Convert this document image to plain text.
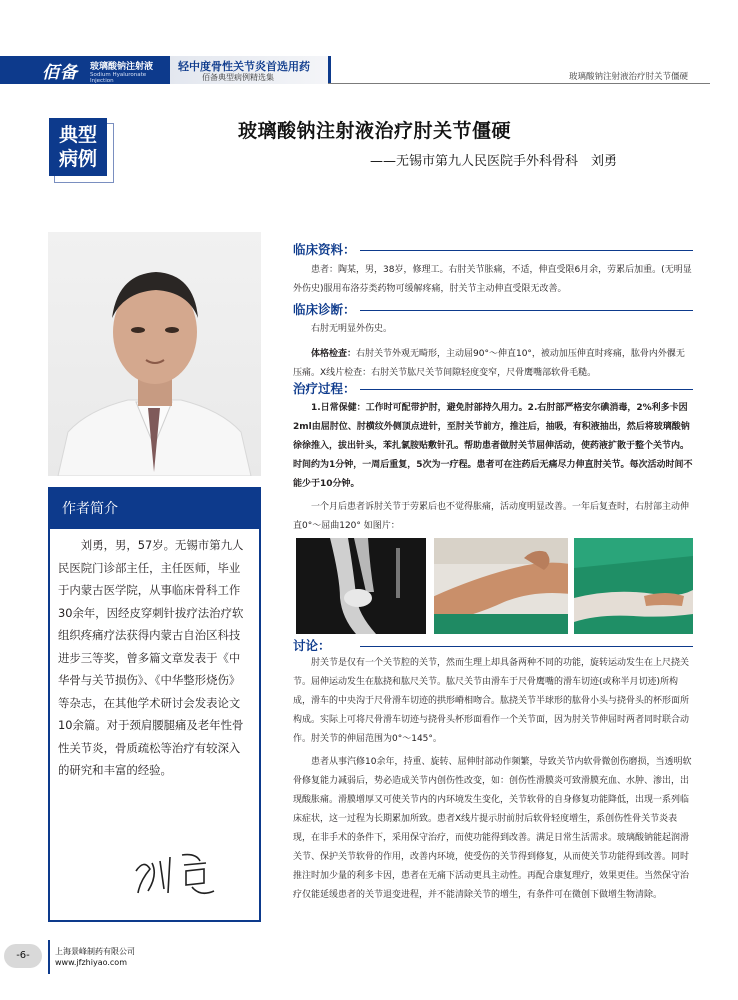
佰备 玻璃酸钠注射液
Sodium Hyaluronate Injection
轻中度骨性关节炎首选用药
佰备典型病例精选集	玻璃酸钠注射液治疗肘关节僵硬
典型
病例
玻璃酸钠注射液治疗肘关节僵硬
——无锡市第九人民医院手外科骨科　刘勇
作者简介
刘勇，男，57岁。无锡市第九人民医院门诊部主任，主任医师，毕业于内蒙古医学院，从事临床骨科工作30余年，因经皮穿刺针拔疗法治疗软组织疼痛疗法获得内蒙古自治区科技进步三等奖，曾多篇文章发表于《中华骨与关节损伤》、《中华整形烧伤》等杂志，在其他学术研讨会发表论文10余篇。对于颈肩腰腿痛及老年性骨性关节炎，骨质疏松等治疗有较深入的研究和丰富的经验。
临床资料：

患者：陶某，男，38岁，修理工。右肘关节胀痛，不适，伸直受限6月余，劳累后加重。(无明显外伤史)服用布洛芬类药物可缓解疼痛，肘关节主动伸直受限无改善。

临床诊断：

右肘无明显外伤史。

体格检查：右肘关节外观无畸形，主动屈90°～伸直10°，被动加压伸直时疼痛，肱骨内外髁无压痛。X线片检查：右肘关节肱尺关节间隙轻度变窄，尺骨鹰嘴部软骨毛糙。

治疗过程：

1.日常保健：工作时可配带护肘，避免肘部持久用力。2.右肘部严格安尔碘消毒，2%利多卡因2ml由屈肘位、肘横纹外侧顶点进针，至肘关节前方，推注后，抽吸，有积液抽出，然后将玻璃酸钠徐徐推入，拔出针头，苯扎氯胺贴敷针孔。帮助患者做肘关节屈伸活动，使药液扩散于整个关节内。时间约为1分钟，一周后重复，5次为一疗程。患者可在注药后无痛尽力伸直肘关节。每次活动时间不能少于10分钟。

一个月后患者诉肘关节于劳累后也不觉得胀痛，活动度明显改善。一年后复查时，右肘部主动伸直0°～屈曲120° 如图片：

讨论：

肘关节是仅有一个关节腔的关节，然而生理上却具备两种不同的功能，旋转运动发生在上尺挠关节。屈伸运动发生在肱挠和肱尺关节。肱尺关节由滑车于尺骨鹰嘴的滑车切迹(或称半月切迹)所构成，滑车的中央沟于尺骨滑车切迹的拱形嵴相吻合。肱挠关节半球形的肱骨小头与挠骨头的杯形面所构成。实际上可将尺骨滑车切迹与挠骨头杯形面看作一个关节面，因为肘关节伸屈时两者同时联合动作。肘关节的伸屈范围为0°～145°。

患者从事汽修10余年，持重、旋转、屈伸肘部动作频繁，导致关节内软骨微创伤磨损，当透明软骨修复能力减弱后，势必造成关节内创伤性改变，如：创伤性滑膜炎可致滑膜充血、水肿、渗出，出现酸胀痛。滑膜增厚又可使关节内的内环境发生变化，关节软骨的自身修复功能降低，出现一系列临床症状，这一过程为长期累加所致。患者X线片提示肘前肘后软骨轻度增生，系创伤性骨关节炎表现，在非手术的条件下，采用保守治疗，而使功能得到改善。满足日常生活需求。玻璃酸钠能起润滑关节、保护关节软骨的作用，改善内环境，使受伤的关节得到修复，从而使关节功能得到改善。同时推注时加少量的利多卡因，患者在无痛下活动更具主动性。再配合康复理疗，效果更佳。当然保守治疗仅能延缓患者的关节退变进程，并不能清除关节的增生，有条件可在微创下做增生物清除。

-6-	上海景峰制药有限公司
www.jfzhiyao.com
